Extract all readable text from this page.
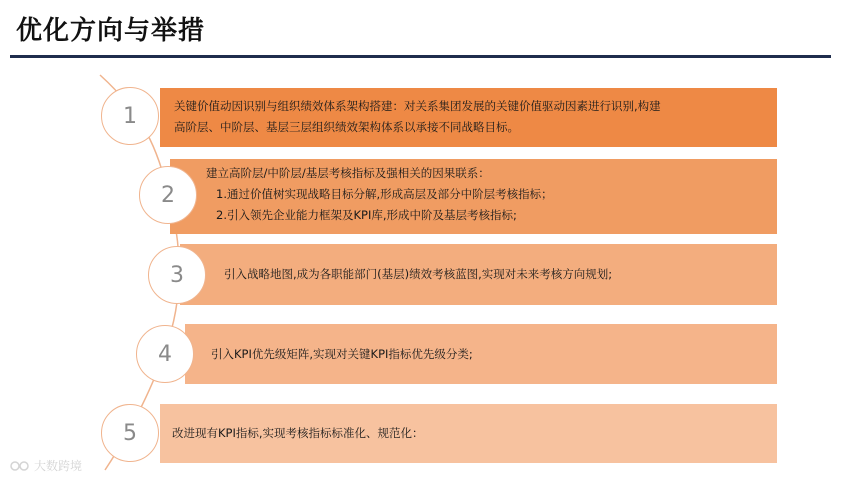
优化方向与举措

关键价值动因识别与组织绩效体系架构搭建：对关系集团发展的关键价值驱动因素进行识别,构建

高阶层、中阶层、基层三层组织绩效架构体系以承接不同战略目标。

建立高阶层/中阶层/基层考核指标及强相关的因果联系：

1.通过价值树实现战略目标分解,形成高层及部分中阶层考核指标；

2.引入领先企业能力框架及KPI库,形成中阶及基层考核指标;

引入战略地图,成为各职能部门(基层)绩效考核蓝图,实现对未来考核方向规划;

引入KPI优先级矩阵,实现对关键KPI指标优先级分类;

改进现有KPI指标,实现考核指标标准化、规范化：

1
2
3
4
5
大数跨境
